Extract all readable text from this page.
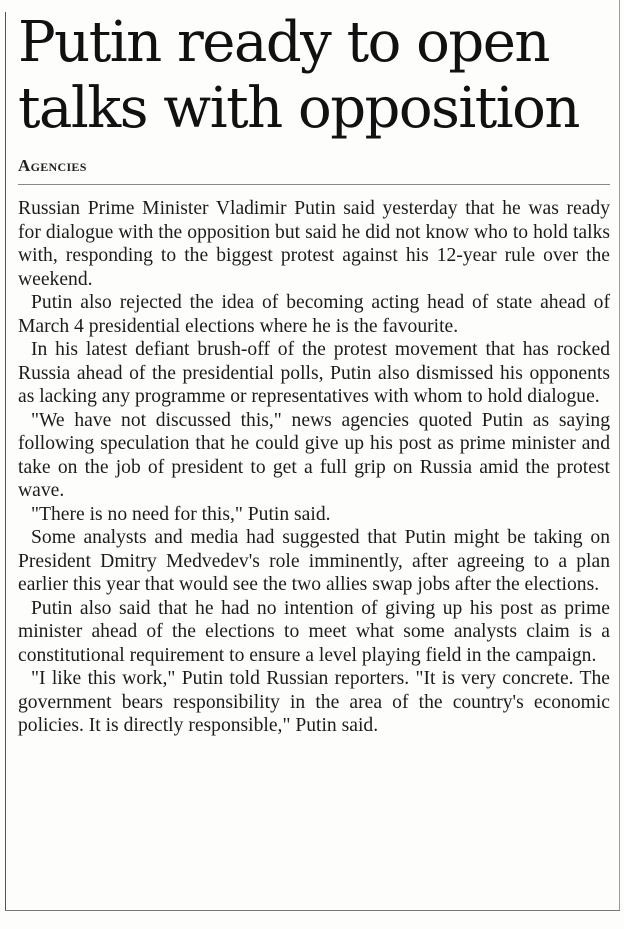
Putin ready to open talks with opposition
Agencies

Russian Prime Minister Vladimir Putin said yesterday that he was ready for dialogue with the opposition but said he did not know who to hold talks with, responding to the biggest protest against his 12-year rule over the weekend.

Putin also rejected the idea of becoming acting head of state ahead of March 4 presidential elections where he is the favourite.

In his latest defiant brush-off of the protest movement that has rocked Russia ahead of the presidential polls, Putin also dismissed his opponents as lacking any programme or representatives with whom to hold dialogue.

"We have not discussed this," news agencies quoted Putin as saying following speculation that he could give up his post as prime minister and take on the job of president to get a full grip on Russia amid the protest wave.

"There is no need for this," Putin said.

Some analysts and media had suggested that Putin might be taking on President Dmitry Medvedev's role imminently, after agreeing to a plan earlier this year that would see the two allies swap jobs after the elections.

Putin also said that he had no intention of giving up his post as prime minister ahead of the elections to meet what some analysts claim is a constitutional requirement to ensure a level playing field in the campaign.

"I like this work," Putin told Russian reporters. "It is very concrete. The government bears responsibility in the area of the country's economic policies. It is directly responsible," Putin said.
